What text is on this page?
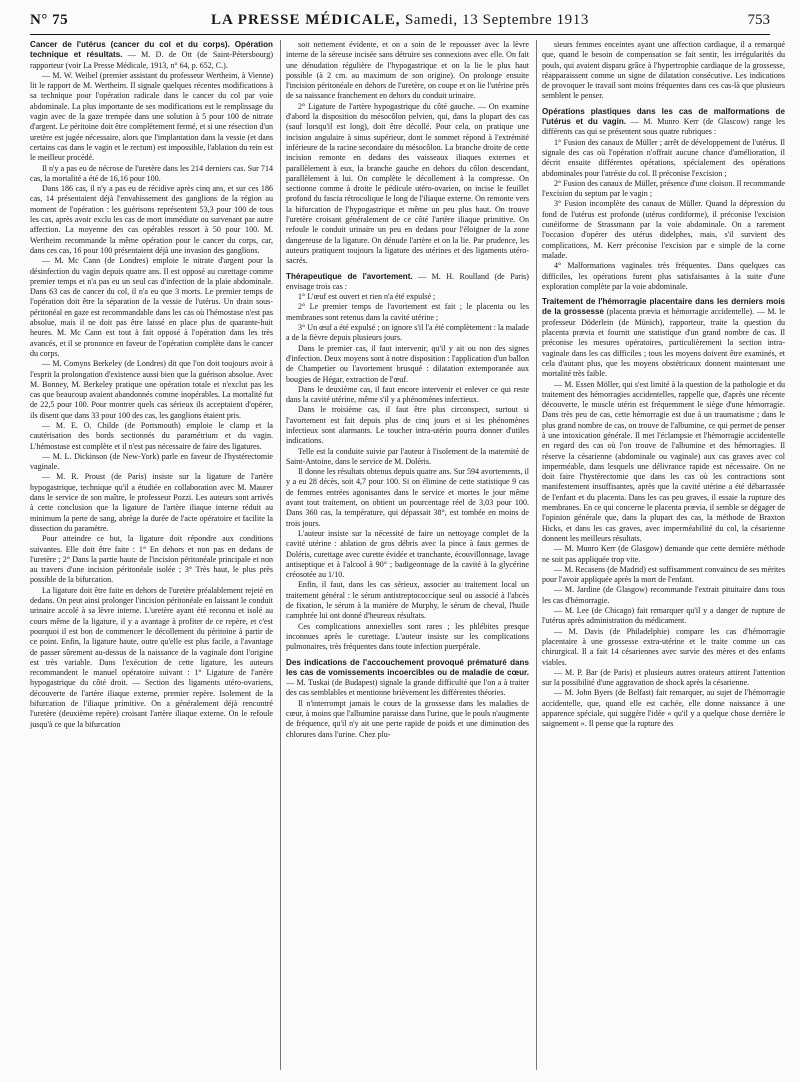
N° 75	LA PRESSE MÉDICALE, Samedi, 13 Septembre 1913	753

Cancer de l'utérus (cancer du col et du corps). Opération technique et résultats. — M. D. de Ott (de Saint-Pétersbourg) rapporteur (voir La Presse Médicale, 1913, n° 64, p. 652, C.).

— M. W. Weibel (premier assistant du professeur Wertheim, à Vienne) lit le rapport de M. Wertheim. Il signale quelques récentes modifications à sa technique pour l'opération radicale dans le cancer du col par voie abdominale. La plus importante de ses modifications est le remplissage du vagin avec de la gaze trempée dans une solution à 5 pour 100 de nitrate d'argent. Le péritoine doit être complètement fermé, et si une résection d'un uretère est jugée nécessaire, alors que l'implantation dans la vessie (et dans certains cas dans le vagin et le rectum) est impossible, l'ablation du rein est le meilleur procédé.

Il n'y a pas eu de nécrose de l'uretère dans les 214 derniers cas. Sur 714 cas, la mortalité a été de 16,16 pour 100.

Dans 186 cas, il n'y a pas eu de récidive après cinq ans, et sur ces 186 cas, 14 présentaient déjà l'envahissement des ganglions de la région au moment de l'opération : les guérisons représentent 53,3 pour 100 de tous les cas, après avoir exclu les cas de mort immédiate ou survenant par autre affection. La moyenne des cas opérables ressort à 50 pour 100. M. Wertheim recommande la même opération pour le cancer du corps, car, dans ces cas, 16 pour 100 présentaient déjà une invasion des ganglions.

— M. Mc Cann (de Londres) emploie le nitrate d'argent pour la désinfection du vagin depuis quatre ans. Il est opposé au curettage comme premier temps et n'a pas eu un seul cas d'infection de la plaie abdominale. Dans 63 cas de cancer du col, il n'a eu que 3 morts. Le premier temps de l'opération doit être la séparation de la vessie de l'utérus. Un drain sous-péritonéal en gaze est recommandable dans les cas où l'hémostase n'est pas absolue, mais il ne doit pas être laissé en place plus de quarante-huit heures. M. Mc Cann est tout à fait opposé à l'opération dans les très avancés, et il se prononce en faveur de l'opération complète dans le cancer du corps.

— M. Comyns Berkeley (de Londres) dit que l'on doit toujours avoir à l'esprit la prolongation d'existence aussi bien que la guérison absolue. Avec M. Bonney, M. Berkeley pratique une opération totale et n'exclut pas les cas que beaucoup avaient abandonnés comme inopérables. La mortalité fut de 22,5 pour 100. Pour montrer quels cas sérieux ils acceptaient d'opérer, ils disent que dans 33 pour 100 des cas, les ganglions étaient pris.

— M. E. O. Childe (de Portsmouth) emploie le clamp et la cautérisation des bords sectionnés du paramétrium et du vagin. L'hémostase est complète et il n'est pas nécessaire de faire des ligatures.

— M. L. Dickinson (de New-York) parle en faveur de l'hystérectomie vaginale.

— M. R. Proust (de Paris) insiste sur la ligature de l'artère hypogastrique, technique qu'il a étudiée en collaboration avec M. Maurer dans le service de son maître, le professeur Pozzi. Les auteurs sont arrivés à cette conclusion que la ligature de l'artère iliaque interne réduit au minimum la perte de sang, abrège la durée de l'acte opératoire et facilite la dissection du paramètre.

Pour atteindre ce but, la ligature doit répondre aux conditions suivantes. Elle doit être faite : 1° En dehors et non pas en dedans de l'uretère ; 2° Dans la partie haute de l'incision péritonéale principale et non au travers d'une incision péritonéale isolée ; 3° Très haut, le plus près possible de la bifurcation.

La ligature doit être faite en dehors de l'uretère préalablement rejeté en dedans. On peut ainsi prolonger l'incision péritonéale en laissant le conduit urinaire accolé à sa lèvre interne. L'uretère ayant été reconnu et isolé au cours même de la ligature, il y a avantage à profiter de ce repère, et c'est pourquoi il est bon de commencer le décollement du péritoine à partir de ce point. Enfin, la ligature haute, outre qu'elle est plus facile, a l'avantage de passer sûrement au-dessus de la naissance de la vaginale dont l'origine est très variable. Dans l'exécution de cette ligature, les auteurs recommandent le manuel opératoire suivant : 1° Ligature de l'artère hypogastrique du côté droit. — Section des ligaments utéro-ovariens, découverte de l'artère iliaque externe, premier repère. Isolement de la bifurcation de l'iliaque primitive. On a généralement déjà rencontré l'uretère (deuxième repère) croisant l'artère iliaque externe. On le refoule jusqu'à ce que la bifurcation

soit nettement évidente, et on a soin de le repousser avec la lèvre interne de la séreuse incisée sans détruire ses connexions avec elle. On fait une dénudation régulière de l'hypogastrique et on la lie le plus haut possible (à 2 cm. au maximum de son origine). On prolonge ensuite l'incision péritonéale en dehors de l'uretère, on coupe et on lie l'utérine près de sa naissance franchement en dehors du conduit urinaire.

2° Ligature de l'artère hypogastrique du côté gauche. — On examine d'abord la disposition du mésocôlon pelvien, qui, dans la plupart des cas (sauf lorsqu'il est long), doit être décollé. Pour cela, on pratique une incision angulaire à sinus supérieur, dont le sommet répond à l'extrémité inférieure de la racine secondaire du mésocôlon. La branche droite de cette incision remonte en dedans des vaisseaux iliaques externes et parallèlement à eux, la branche gauche en dehors du côlon descendant, parallèlement à lui. On complète le décollement à la compresse. On sectionne comme à droite le pédicule utéro-ovarien, on incise le feuillet profond du fascia rétrocolique le long de l'iliaque externe. On remonte vers la bifurcation de l'hypogastrique et même un peu plus haut. On trouve l'uretère croisant généralement de ce côté l'artère iliaque primitive. On refoule le conduit urinaire un peu en dedans pour l'éloigner de la zone dangereuse de la ligature. On dénude l'artère et on la lie. Par prudence, les auteurs pratiquent toujours la ligature des utérines et des ligaments utéro-sacrés.

Thérapeutique de l'avortement. — M. H. Roulland (de Paris) envisage trois cas :

1° L'œuf est ouvert et rien n'a été expulsé ;

2° Le premier temps de l'avortement est fait ; le placenta ou les membranes sont retenus dans la cavité utérine ;

3° Un œuf a été expulsé ; on ignore s'il l'a été complètement : la malade a de la fièvre depuis plusieurs jours.

Dans le premier cas, il faut intervenir, qu'il y ait ou non des signes d'infection. Deux moyens sont à notre disposition : l'application d'un ballon de Champetier ou l'avortement brusqué : dilatation extemporanée aux bougies de Hégar, extraction de l'œuf.

Dans le deuxième cas, il faut encore intervenir et enlever ce qui reste dans la cavité utérine, même s'il y a phénomènes infectieux.

Dans le troisième cas, il faut être plus circonspect, surtout si l'avortement est fait depuis plus de cinq jours et si les phénomènes infectieux sont alarmants. Le toucher intra-utérin pourra donner d'utiles indications.

Telle est la conduite suivie par l'auteur à l'isolement de la maternité de Saint-Antoine, dans le service de M. Doléris.

Il donne les résultats obtenus depuis quatre ans. Sur 594 avortements, il y a eu 28 décès, soit 4,7 pour 100. Si on élimine de cette statistique 9 cas de femmes entrées agonisantes dans le service et mortes le jour même avant tout traitement, on obtient un pourcentage réel de 3,03 pour 100. Dans 360 cas, la température, qui dépassait 38°, est tombée en moins de trois jours.

L'auteur insiste sur la nécessité de faire un nettoyage complet de la cavité utérine : ablation de gros débris avec la pince à faux germes de Doléris, curettage avec curette évidée et tranchante, écouvillonnage, lavage antiseptique et à l'alcool à 90° ; badigeonnage de la cavité à la glycérine créosotée au 1/10.

Enfin, il faut, dans les cas sérieux, associer au traitement local un traitement général : le sérum antistreptococcique seul ou associé à l'abcès de fixation, le sérum à la manière de Murphy, le sérum de cheval, l'huile camphrée lui ont donné d'heureux résultats.

Ces complications annexielles sont rares ; les phlébites presque inconnues après le curettage. L'auteur insiste sur les complications pulmonaires, très fréquentes dans toute infection puerpérale.

Des indications de l'accouchement provoqué prématuré dans les cas de vomissements incoercibles ou de maladie de cœur. — M. Tuskai (de Budapest) signale la grande difficulté que l'on a à traiter des cas semblables et mentionne brièvement les différentes théories.

Il n'interrompt jamais le cours de la grossesse dans les maladies de cœur, à moins que l'albumine paraisse dans l'urine, que le pouls n'augmente de fréquence, qu'il n'y ait une perte rapide de poids et une diminution des chlorures dans l'urine. Chez plu-

sieurs femmes enceintes ayant une affection cardiaque, il a remarqué que, quand le besoin de compensation se fait sentir, les irrégularités du pouls, qui avaient disparu grâce à l'hypertrophie cardiaque de la grossesse, réapparaissent comme un signe de dilatation consécutive. Les indications de provoquer le travail sont moins fréquentes dans ces cas-là que plusieurs semblent le penser.

Opérations plastiques dans les cas de malformations de l'utérus et du vagin. — M. Munro Kerr (de Glascow) range les différents cas qui se présentent sous quatre rubriques :

1° Fusion des canaux de Müller ; arrêt de développement de l'utérus. Il signale des cas où l'opération n'offrait aucune chance d'amélioration, il décrit ensuite différentes opérations, spécialement des opérations abdominales pour l'atrésie du col. Il préconise l'excision ;

2° Fusion des canaux de Müller, présence d'une cloison. Il recommande l'excision du septum par le vagin ;

3° Fusion incomplète des canaux de Müller. Quand la dépression du fond de l'utérus est profonde (utérus cordiforme), il préconise l'excision cunéiforme de Strassmann par la voie abdominale. On a rarement l'occasion d'opérer des utérus didelphes, mais, s'il survient des complications, M. Kerr préconise l'excision par e simple de la corne malade.

4° Malformations vaginales très fréquentes. Dans quelques cas difficiles, les opérations furent plus satisfaisantes à la suite d'une exploration complète par la voie abdominale.

Traitement de l'hémorragie placentaire dans les derniers mois de la grossesse (placenta prævia et hémorragie accidentelle). — M. le professeur Döderlein (de Münich), rapporteur, traite la question du placenta prævia et fournit une statistique d'un grand nombre de cas. Il préconise les mesures opératoires, particulièrement la section intra-vaginale dans les cas difficiles ; tous les moyens doivent être examinés, et cela d'autant plus, que les moyens obstétricaux donnent maintenant une mortalité très faible.

— M. Essen Möller, qui s'est limité à la question de la pathologie et du traitement des hémorragies accidentelles, rappelle que, d'après une récente découverte, le muscle utérin est fréquemment le siège d'une hémorragie. Dans très peu de cas, cette hémorragie est due à un traumatisme ; dans le plus grand nombre de cas, on trouve de l'albumine, ce qui permet de penser à une intoxication générale. Il met l'éclampsie et l'hémorragie accidentelle en regard des cas où l'on trouve de l'albumine et des hémorragies. Il réserve la césarienne (abdominale ou vaginale) aux cas graves avec col imperméable, dans lesquels une délivrance rapide est nécessaire. On ne doit faire l'hystérectomie que dans les cas où les contractions sont manifestement insuffisantes, après que la cavité utérine a été débarrassée de l'enfant et du placenta. Dans les cas peu graves, il essaie la rupture des membranes. En ce qui concerne le placenta prævia, il semble se dégager de l'opinion générale que, dans la plupart des cas, la méthode de Braxton Hicks, et dans les cas graves, avec imperméabilité du col, la césarienne donnent les meilleurs résultats.

— M. Munro Kerr (de Glasgow) demande que cette dernière méthode ne soit pas appliquée trop vite.

— M. Recasens (de Madrid) est suffisamment convaincu de ses mérites pour l'avoir appliquée après la mort de l'enfant.

— M. Jardine (de Glasgow) recommande l'extrait pituitaire dans tous les cas d'hémorragie.

— M. Lee (de Chicago) fait remarquer qu'il y a danger de rupture de l'utérus après administration du médicament.

— M. Davis (de Philadelphie) compare les cas d'hémorragie placentaire à une grossesse extra-utérine et le traite comme un cas chirurgical. Il a fait 14 césariennes avec survie des mères et des enfants viables.

— M. P. Bar (de Paris) et plusieurs autres orateurs attirent l'attention sur la possibilité d'une aggravation de shock après la césarienne.

— M. John Byers (de Belfast) fait remarquer, au sujet de l'hémorragie accidentelle, que, quand elle est cachée, elle donne naissance à une apparence spéciale, qui suggère l'idée « qu'il y a quelque chose derrière le saignement ». Il pense que la rupture des
